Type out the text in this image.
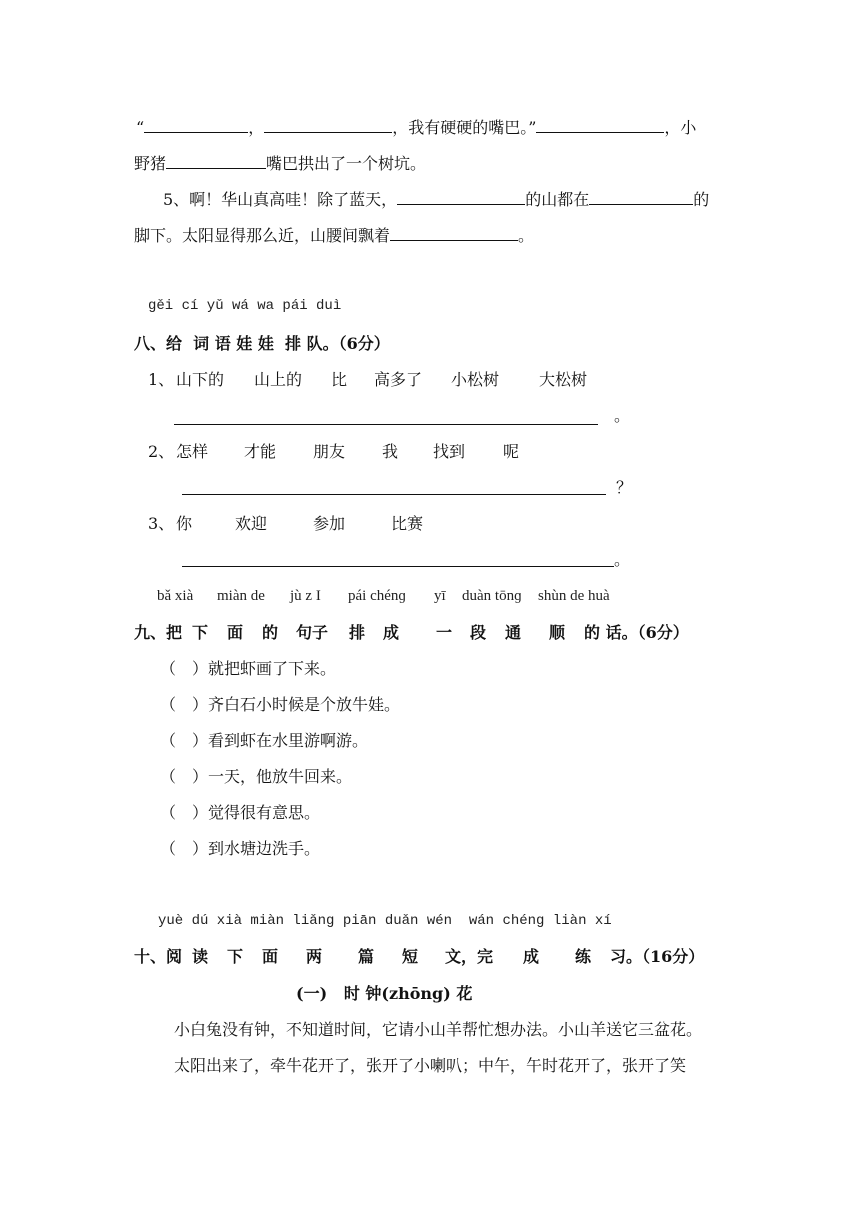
“	，	，我有硬硬的嘴巴。”	，小
野猪	嘴巴拱出了一个树坑。
5、啊！华山真高哇！除了蓝天，	的山都在	的
脚下。太阳显得那么近，山腰间飘着	。
gěi cí yǔ wá wa pái duì
八、给  词 语 娃 娃  排 队。（6分）
1、 山下的 山上的 比 高多了 小松树 大松树
。
2、 怎样 才能 朋友 我 找到 呢
？
3、 你	欢迎	参加	比赛
。
bǎ xià miàn de jù z I pái chénɡ yī duàn tōnɡ shùn de huà
九、把 下 面 的 句子 排 成 一 段 通 顺 的 话。（6分）
（ ）就把虾画了下来。
（ ）齐白石小时候是个放牛娃。
（ ）看到虾在水里游啊游。
（ ）一天，他放牛回来。
（ ）觉得很有意思。
（ ）到水塘边洗手。
yuè dú xià miàn liǎng piān duǎn wén  wán chéng liàn xí
十、阅 读 下 面 两 篇 短 文，完 成 练 习。（16分）
(一)   时 钟(zhōng) 花
小白兔没有钟，不知道时间，它请小山羊帮忙想办法。小山羊送它三盆花。
太阳出来了，牵牛花开了，张开了小喇叭；中午，午时花开了，张开了笑
